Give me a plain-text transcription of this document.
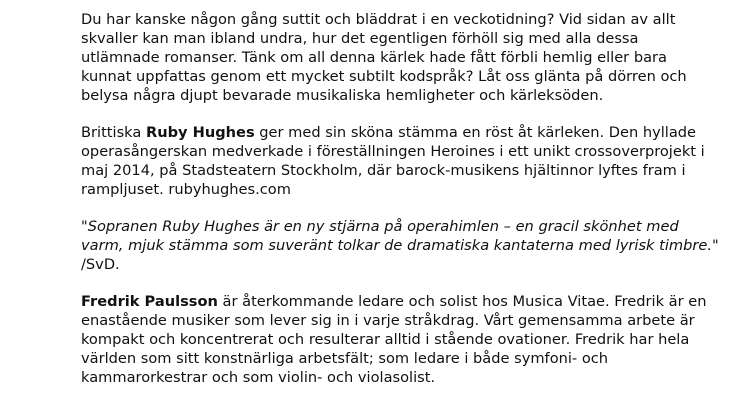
Du har kanske någon gång suttit och bläddrat i en veckotidning? Vid sidan av allt skvaller kan man ibland undra, hur det egentligen förhöll sig med alla dessa utlämnade romanser. Tänk om all denna kärlek hade fått förbli hemlig eller bara kunnat uppfattas genom ett mycket subtilt kodspråk? Låt oss glänta på dörren och belysa några djupt bevarade musikaliska hemligheter och kärleksöden.

Brittiska Ruby Hughes ger med sin sköna stämma en röst åt kärleken. Den hyllade operasångerskan medverkade i föreställningen Heroines i ett unikt crossoverprojekt i maj 2014, på Stadsteatern Stockholm, där barock-musikens hjältinnor lyftes fram i rampljuset. rubyhughes.com

"Sopranen Ruby Hughes är en ny stjärna på operahimlen – en gracil skönhet med varm, mjuk stämma som suveränt tolkar de dramatiska kantaterna med lyrisk timbre." /SvD.

Fredrik Paulsson är återkommande ledare och solist hos Musica Vitae. Fredrik är en enastående musiker som lever sig in i varje stråkdrag. Vårt gemensamma arbete är kompakt och koncentrerat och resulterar alltid i stående ovationer. Fredrik har hela världen som sitt konstnärliga arbetsfält; som ledare i både symfoni- och kammarorkestrar och som violin- och violasolist.
